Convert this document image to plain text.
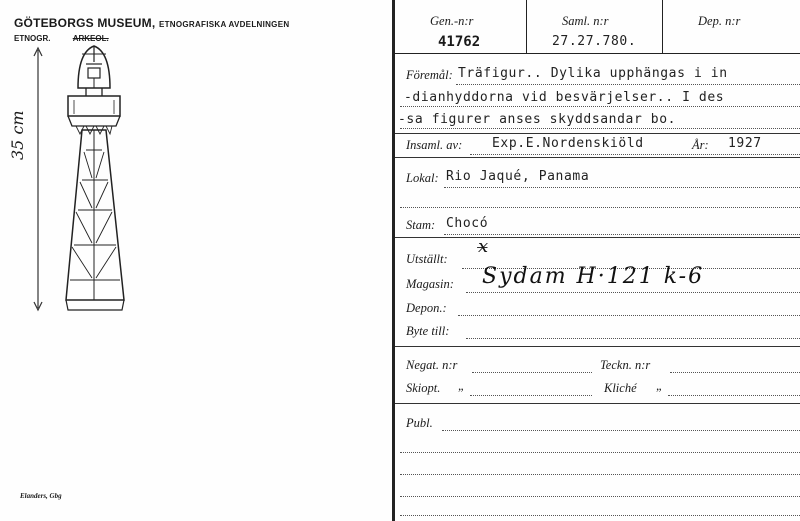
GÖTEBORGS MUSEUM, ETNOGRAFISKA AVDELNINGEN
ETNOGR.	ARKEOL.
35 cm
Elanders, Gbg
Gen.-n:r
41762
Saml. n:r
27.27.780.
Dep. n:r
Föremål: Träfigur.. Dylika upphängas i in
-dianhyddorna vid besvärjelser.. I des
-sa figurer anses skyddsandar bo.
Insaml. av: Exp.E.Nordenskiöld	År: 1927
Lokal: Rio Jaqué, Panama
Stam: Chocó
Utställt:
x̶
Magasin: Sydam H·121 k-6
Depon.:
Byte till:
Negat. n:r	Teckn. n:r
Skiopt. „	Kliché „
Publ.
